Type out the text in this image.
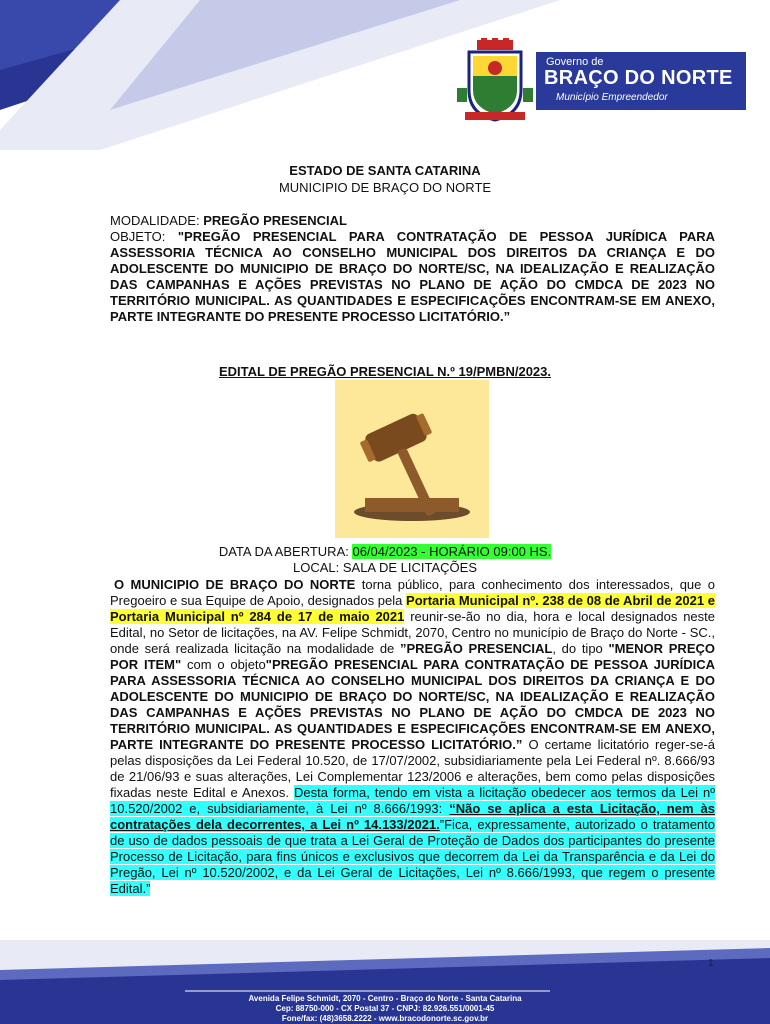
Governo de
BRAÇO DO NORTE
Município Empreendedor
ESTADO DE SANTA CATARINA
MUNICIPIO DE BRAÇO DO NORTE
MODALIDADE: PREGÃO PRESENCIAL
OBJETO: "PREGÃO PRESENCIAL PARA CONTRATAÇÃO DE PESSOA JURÍDICA PARA ASSESSORIA TÉCNICA AO CONSELHO MUNICIPAL DOS DIREITOS DA CRIANÇA E DO ADOLESCENTE DO MUNICIPIO DE BRAÇO DO NORTE/SC, NA IDEALIZAÇÃO E REALIZAÇÃO DAS CAMPANHAS E AÇÕES PREVISTAS NO PLANO DE AÇÃO DO CMDCA DE 2023 NO TERRITÓRIO MUNICIPAL. AS QUANTIDADES E ESPECIFICAÇÕES ENCONTRAM-SE EM ANEXO, PARTE INTEGRANTE DO PRESENTE PROCESSO LICITATÓRIO.”
EDITAL DE PREGÃO PRESENCIAL N.º 19/PMBN/2023.
DATA DA ABERTURA: 06/04/2023 - HORÁRIO 09:00 HS.
LOCAL: SALA DE LICITAÇÕES
O MUNICIPIO DE BRAÇO DO NORTE torna público, para conhecimento dos interessados, que o Pregoeiro e sua Equipe de Apoio, designados pela Portaria Municipal nº. 238 de 08 de Abril de 2021 e Portaria Municipal nº 284 de 17 de maio 2021 reunir-se-ão no dia, hora e local designados neste Edital, no Setor de licitações, na AV. Felipe Schmidt, 2070, Centro no município de Braço do Norte - SC., onde será realizada licitação na modalidade de ”PREGÃO PRESENCIAL, do tipo "MENOR PREÇO POR ITEM" com o objeto"PREGÃO PRESENCIAL PARA CONTRATAÇÃO DE PESSOA JURÍDICA PARA ASSESSORIA TÉCNICA AO CONSELHO MUNICIPAL DOS DIREITOS DA CRIANÇA E DO ADOLESCENTE DO MUNICIPIO DE BRAÇO DO NORTE/SC, NA IDEALIZAÇÃO E REALIZAÇÃO DAS CAMPANHAS E AÇÕES PREVISTAS NO PLANO DE AÇÃO DO CMDCA DE 2023 NO TERRITÓRIO MUNICIPAL. AS QUANTIDADES E ESPECIFICAÇÕES ENCONTRAM-SE EM ANEXO, PARTE INTEGRANTE DO PRESENTE PROCESSO LICITATÓRIO.” O certame licitatório reger-se-á pelas disposições da Lei Federal 10.520, de 17/07/2002, subsidiariamente pela Lei Federal nº. 8.666/93 de 21/06/93 e suas alterações, Lei Complementar 123/2006 e alterações, bem como pelas disposições fixadas neste Edital e Anexos. Desta forma, tendo em vista a licitação obedecer aos termos da Lei nº 10.520/2002 e, subsidiariamente, à Lei nº 8.666/1993: “Não se aplica a esta Licitação, nem às contratações dela decorrentes, a Lei nº 14.133/2021.”Fica, expressamente, autorizado o tratamento de uso de dados pessoais de que trata a Lei Geral de Proteção de Dados dos participantes do presente Processo de Licitação, para fins únicos e exclusivos que decorrem da Lei da Transparência e da Lei do Pregão, Lei nº 10.520/2002, e da Lei Geral de Licitações, Lei nº 8.666/1993, que regem o presente Edital.”
Avenida Felipe Schmidt, 2070 - Centro - Braço do Norte - Santa Catarina
Cep: 88750-000 - CX Postal 37 - CNPJ: 82.926.551/0001-45
Fone/fax: (48)3658.2222 - www.bracodonorte.sc.gov.br
1
